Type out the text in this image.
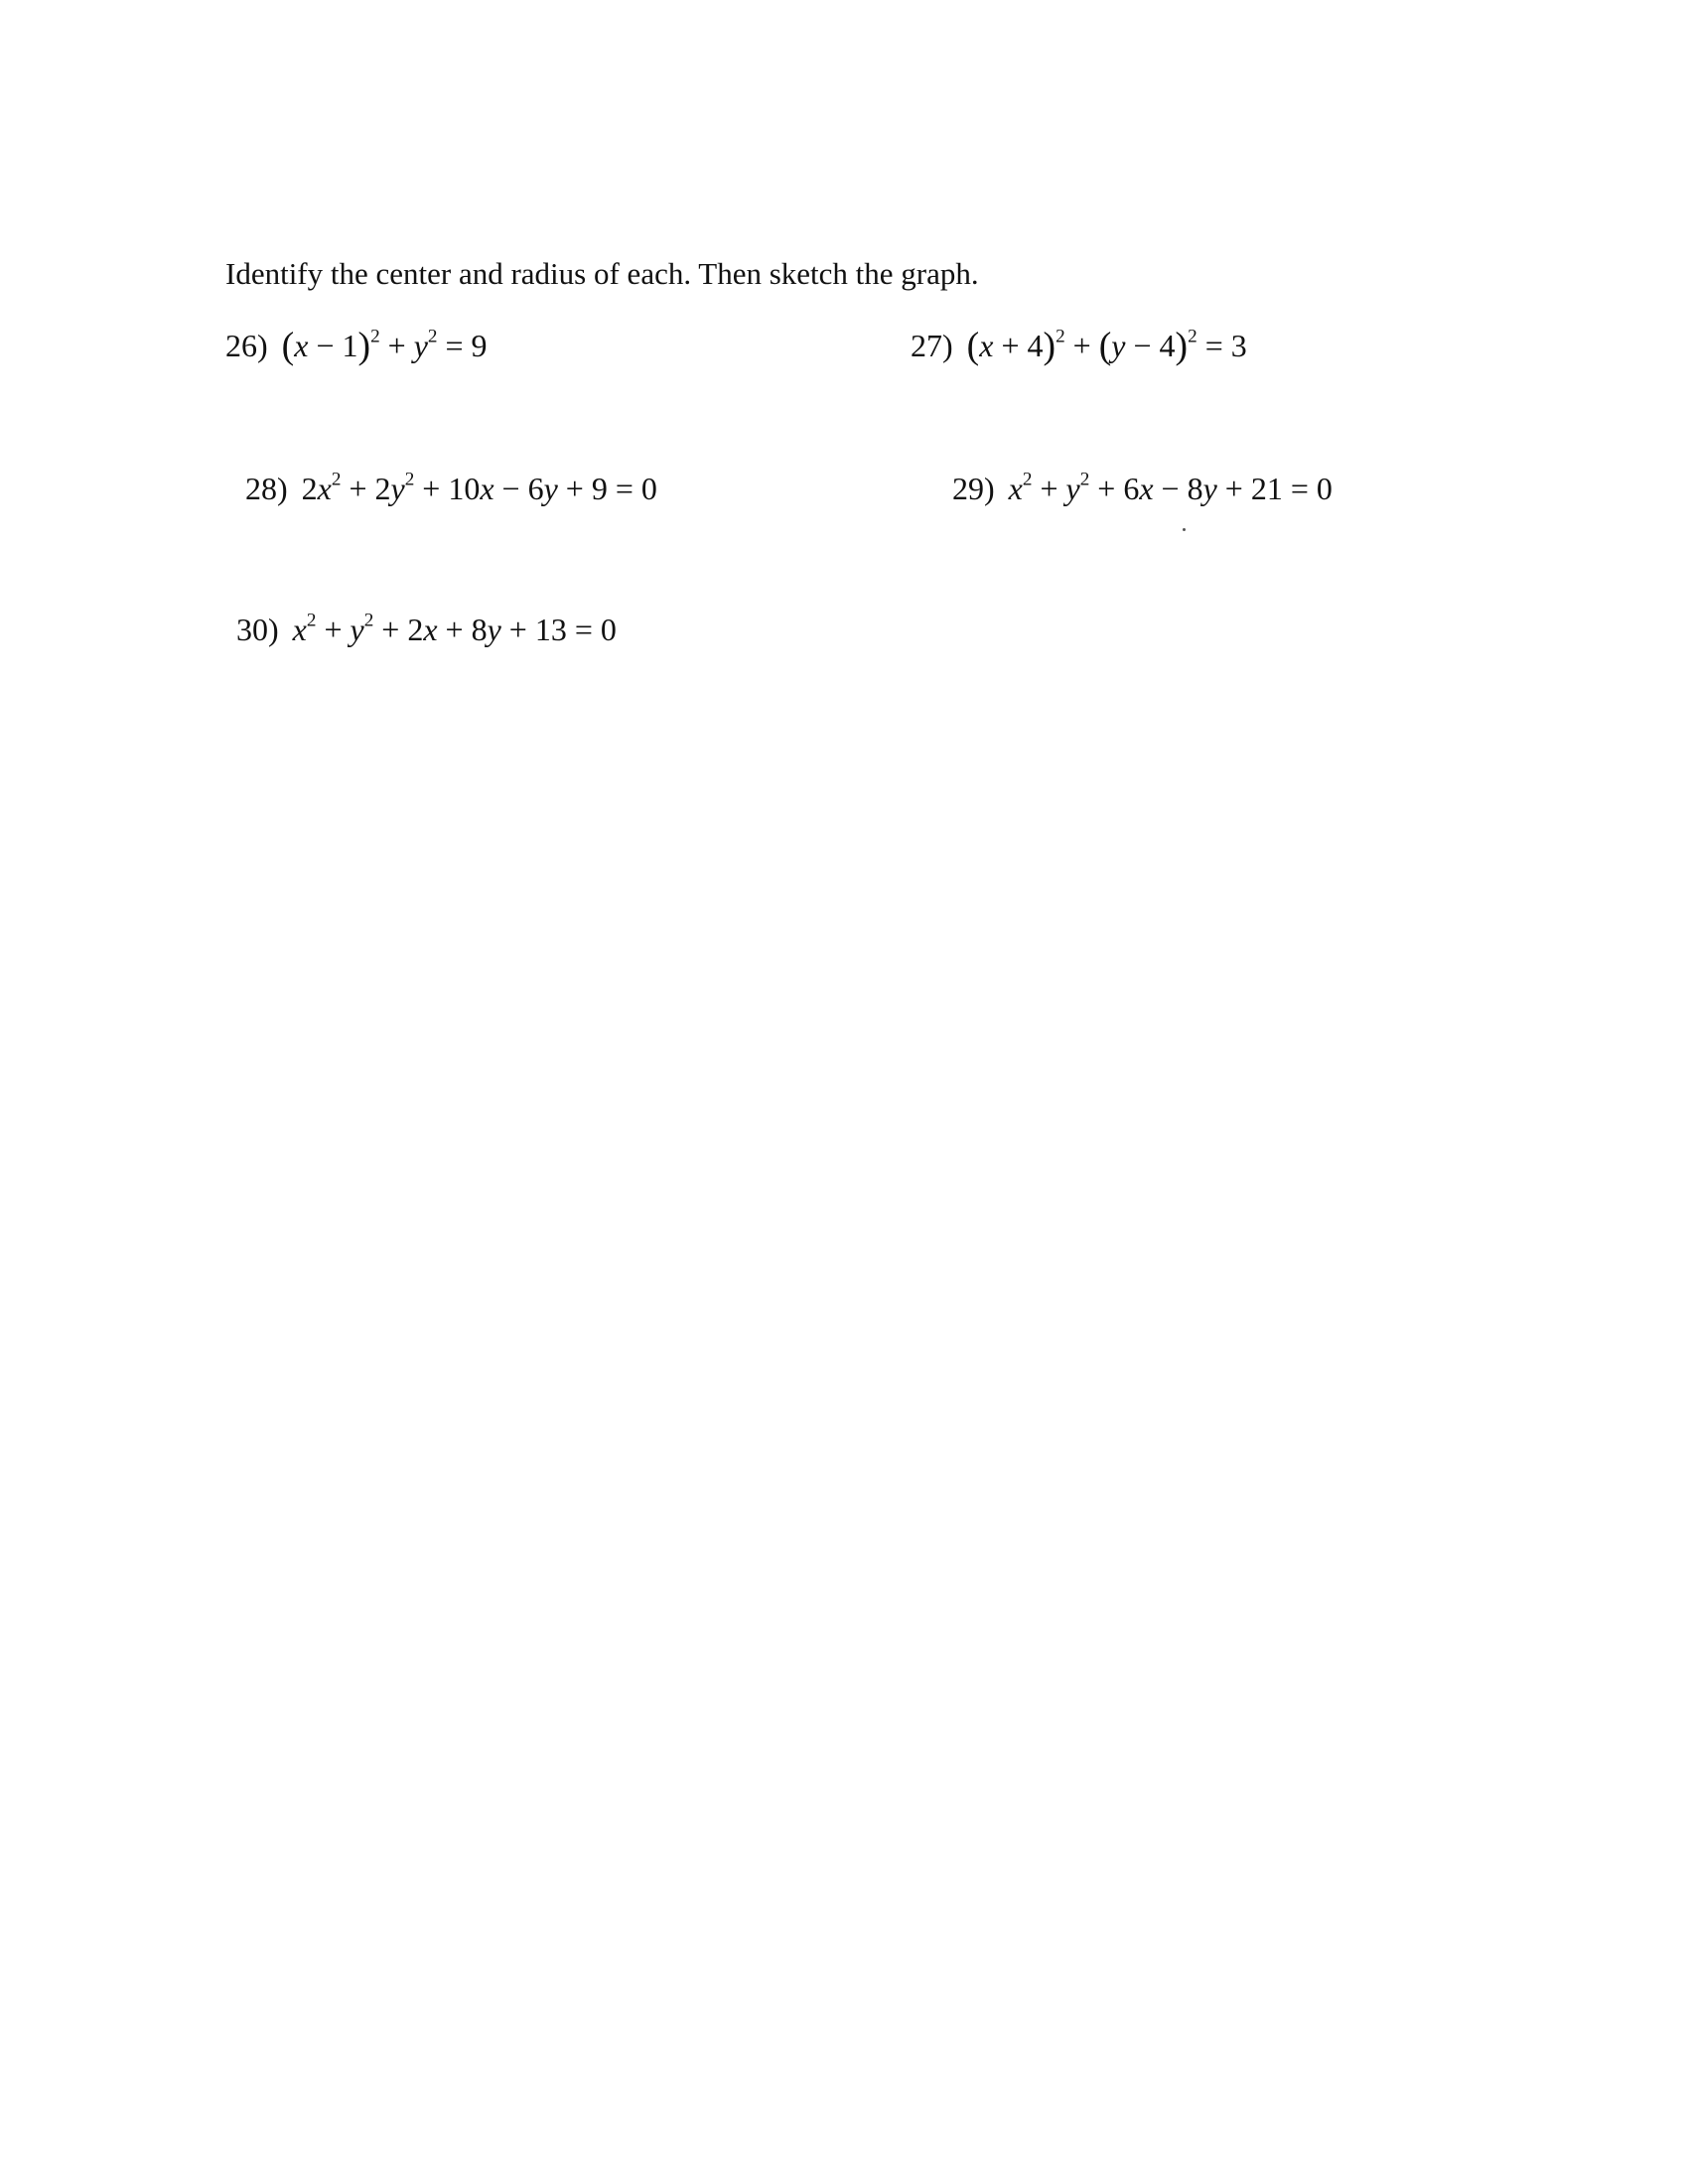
Identify the center and radius of each. Then sketch the graph.
26) $(x - 1)^2 + y^2 = 9$	27) $(x + 4)^2 + (y - 4)^2 = 3$
28) $2x^2 + 2y^2 + 10x - 6y + 9 = 0$	29) $x^2 + y^2 + 6x - 8y + 21 = 0$
30) $x^2 + y^2 + 2x + 8y + 13 = 0$
